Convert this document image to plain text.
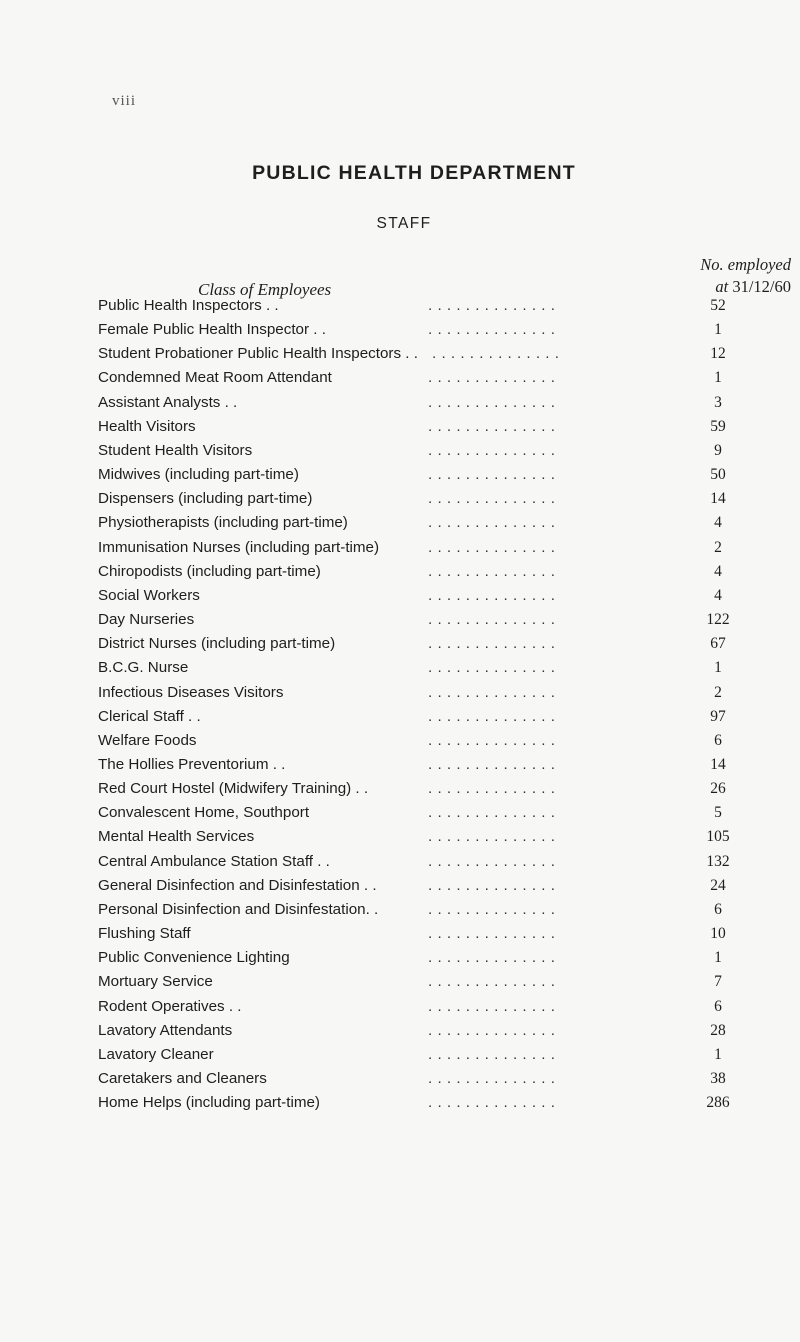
viii
PUBLIC HEALTH DEPARTMENT
STAFF
Class of Employees
No. employed
at 31/12/60
Public Health Inspectors . .	. . . . . . . . . . . . . .	52
Female Public Health Inspector . .	. . . . . . . . . . . . . .	1
Student Probationer Public Health Inspectors . . . . . . . . . . . . . . . .	12
Condemned Meat Room Attendant	. . . . . . . . . . . . . .	1
Assistant Analysts . .	. . . . . . . . . . . . . .	3
Health Visitors	. . . . . . . . . . . . . .	59
Student Health Visitors	. . . . . . . . . . . . . .	9
Midwives (including part-time)	. . . . . . . . . . . . . .	50
Dispensers (including part-time)	. . . . . . . . . . . . . .	14
Physiotherapists (including part-time)	. . . . . . . . . . . . . .	4
Immunisation Nurses (including part-time)	. . . . . . . . . . . . . .	2
Chiropodists (including part-time)	. . . . . . . . . . . . . .	4
Social Workers	. . . . . . . . . . . . . .	4
Day Nurseries	. . . . . . . . . . . . . .	122
District Nurses (including part-time)	. . . . . . . . . . . . . .	67
B.C.G. Nurse	. . . . . . . . . . . . . .	1
Infectious Diseases Visitors	. . . . . . . . . . . . . .	2
Clerical Staff . .	. . . . . . . . . . . . . .	97
Welfare Foods	. . . . . . . . . . . . . .	6
The Hollies Preventorium . .	. . . . . . . . . . . . . .	14
Red Court Hostel (Midwifery Training) . .	. . . . . . . . . . . . . .	26
Convalescent Home, Southport	. . . . . . . . . . . . . .	5
Mental Health Services	. . . . . . . . . . . . . .	105
Central Ambulance Station Staff . .	. . . . . . . . . . . . . .	132
General Disinfection and Disinfestation . .	. . . . . . . . . . . . . .	24
Personal Disinfection and Disinfestation. .	. . . . . . . . . . . . . .	6
Flushing Staff	. . . . . . . . . . . . . .	10
Public Convenience Lighting	. . . . . . . . . . . . . .	1
Mortuary Service	. . . . . . . . . . . . . .	7
Rodent Operatives . .	. . . . . . . . . . . . . .	6
Lavatory Attendants	. . . . . . . . . . . . . .	28
Lavatory Cleaner	. . . . . . . . . . . . . .	1
Caretakers and Cleaners	. . . . . . . . . . . . . .	38
Home Helps (including part-time)	. . . . . . . . . . . . . .	286
